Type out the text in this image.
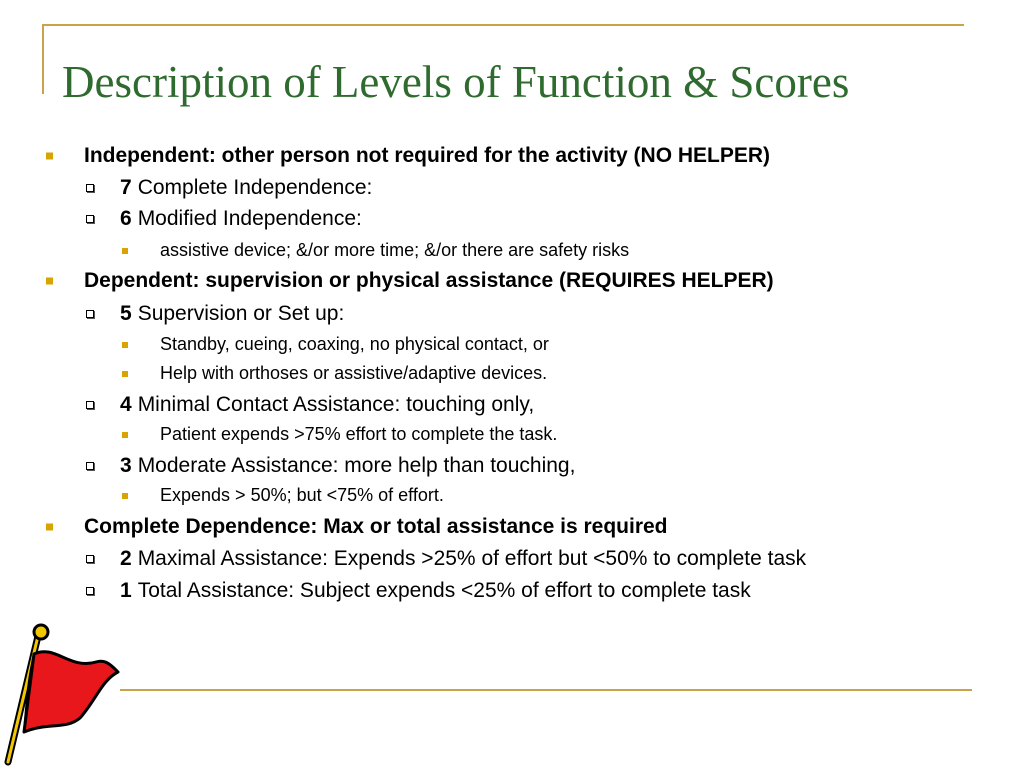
Description of Levels of Function & Scores
Independent: other person not required for the activity (NO HELPER)
7 Complete Independence:
6 Modified Independence:
assistive device; &/or more time; &/or there are safety risks
Dependent: supervision or physical assistance (REQUIRES HELPER)
5 Supervision or Set up:
Standby, cueing, coaxing, no physical contact, or
Help with orthoses or assistive/adaptive devices.
4 Minimal Contact Assistance: touching only,
Patient expends >75% effort to complete the task.
3 Moderate Assistance: more help than touching,
Expends > 50%; but <75% of effort.
Complete Dependence: Max or total assistance is required
2 Maximal Assistance: Expends >25% of effort but <50% to complete task
1 Total Assistance: Subject expends <25% of effort to complete task
